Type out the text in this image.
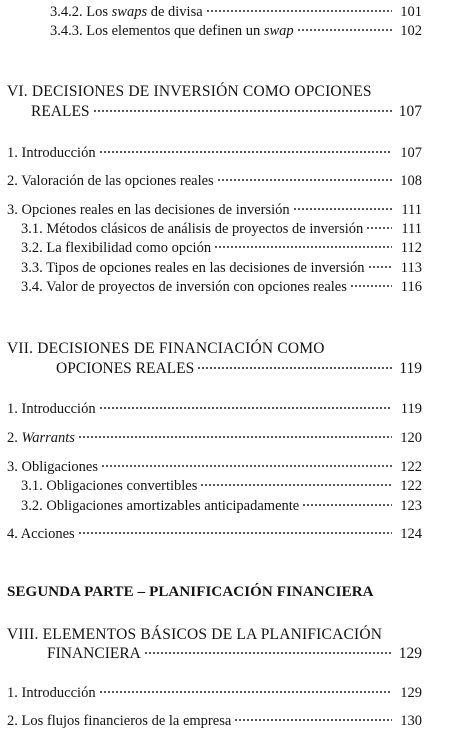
3.4.2. Los swaps de divisa	101
3.4.3. Los elementos que definen un swap	102
VI. DECISIONES DE INVERSIÓN COMO OPCIONES
REALES	107
1. Introducción	107
2. Valoración de las opciones reales	108
3. Opciones reales en las decisiones de inversión	111
3.1. Métodos clásicos de análisis de proyectos de inversión	111
3.2. La flexibilidad como opción	112
3.3. Tipos de opciones reales en las decisiones de inversión	113
3.4. Valor de proyectos de inversión con opciones reales	116
VII. DECISIONES DE FINANCIACIÓN COMO
OPCIONES REALES	119
1. Introducción	119
2. Warrants	120
3. Obligaciones	122
3.1. Obligaciones convertibles	122
3.2. Obligaciones amortizables anticipadamente	123
4. Acciones	124
SEGUNDA PARTE – PLANIFICACIÓN FINANCIERA
VIII. ELEMENTOS BÁSICOS DE LA PLANIFICACIÓN
FINANCIERA	129
1. Introducción	129
2. Los flujos financieros de la empresa	130
